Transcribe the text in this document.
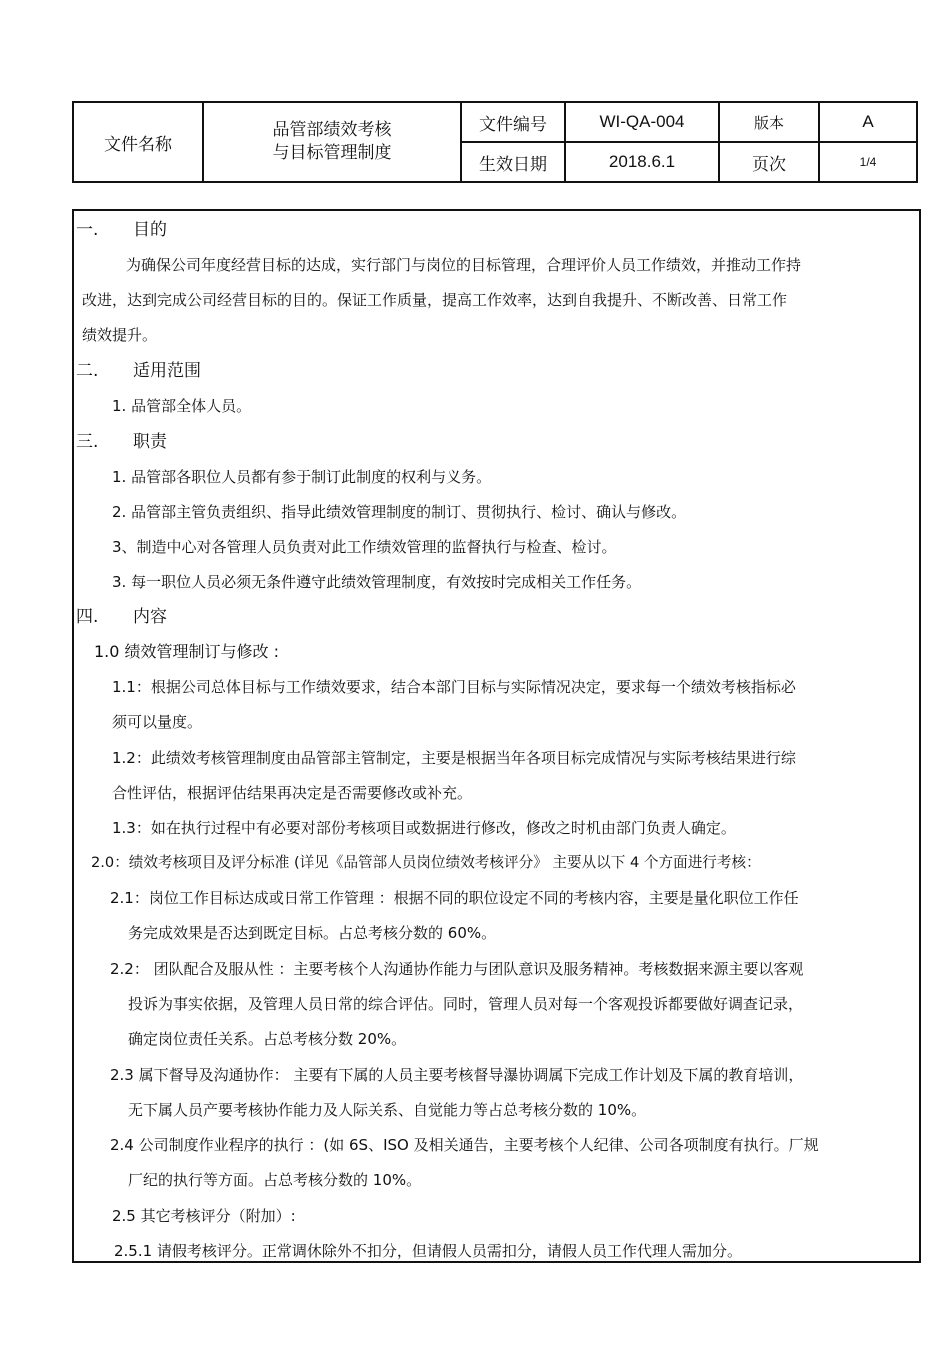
文件名称
品管部绩效考核
与目标管理制度
文件编号	WI-QA-004	版本	A
生效日期	2018.6.1	页次	1/4
一. 目的
为确保公司年度经营目标的达成，实行部门与岗位的目标管理，合理评价人员工作绩效，并推动工作持
改进，达到完成公司经营目标的目的。保证工作质量，提高工作效率，达到自我提升、不断改善、日常工作
绩效提升。
二. 适用范围
1. 品管部全体人员。
三. 职责
1. 品管部各职位人员都有参于制订此制度的权利与义务。
2. 品管部主管负责组织、指导此绩效管理制度的制订、贯彻执行、检讨、确认与修改。
3、制造中心对各管理人员负责对此工作绩效管理的监督执行与检查、检讨。
3. 每一职位人员必须无条件遵守此绩效管理制度，有效按时完成相关工作任务。
四. 内容
1.0 绩效管理制订与修改 :
1.1：根据公司总体目标与工作绩效要求，结合本部门目标与实际情况决定，要求每一个绩效考核指标必
须可以量度。
1.2：此绩效考核管理制度由品管部主管制定，主要是根据当年各项目标完成情况与实际考核结果进行综
合性评估，根据评估结果再决定是否需要修改或补充。
1.3：如在执行过程中有必要对部份考核项目或数据进行修改，修改之时机由部门负责人确定。
2.0：绩效考核项目及评分标准 (详见《品管部人员岗位绩效考核评分》 主要从以下 4 个方面进行考核：
2.1：岗位工作目标达成或日常工作管理 ：根据不同的职位设定不同的考核内容，主要是量化职位工作任
务完成效果是否达到既定目标。占总考核分数的 60%。
2.2： 团队配合及服从性 ：主要考核个人沟通协作能力与团队意识及服务精神。考核数据来源主要以客观
投诉为事实依据，及管理人员日常的综合评估。同时，管理人员对每一个客观投诉都要做好调查记录，
确定岗位责任关系。占总考核分数 20%。
2.3 属下督导及沟通协作： 主要有下属的人员主要考核督导瀑协调属下完成工作计划及下属的教育培训，
无下属人员产要考核协作能力及人际关系、自觉能力等占总考核分数的 10%。
2.4 公司制度作业程序的执行 ：(如 6S、ISO 及相关通告，主要考核个人纪律、公司各项制度有执行。厂规
厂纪的执行等方面。占总考核分数的 10%。
2.5 其它考核评分（附加）:
2.5.1 请假考核评分。正常调休除外不扣分，但请假人员需扣分，请假人员工作代理人需加分。
